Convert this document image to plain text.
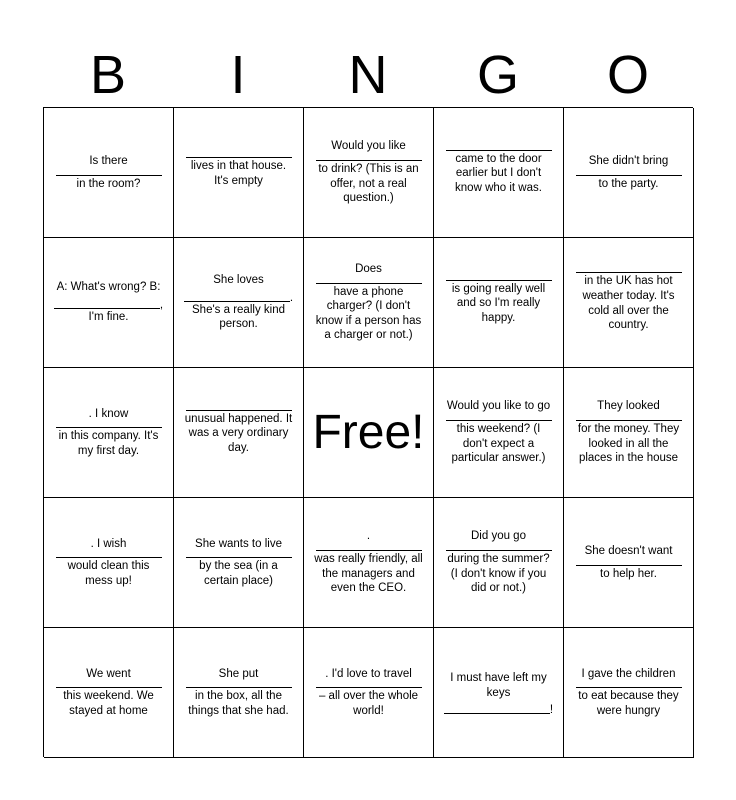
B	I	N	G	O
Is there
in the room?
lives in that house. It's empty
Would you like
to drink? (This is an offer, not a real question.)
came to the door earlier but I don't know who it was.
She didn't bring
to the party.
A: What's wrong? B:
,
I'm fine.
She loves
.
She's a really kind person.
Does
have a phone charger? (I don't know if a person has a charger or not.)
is going really well and so I'm really happy.
in the UK has hot weather today. It's cold all over the country.
. I know
in this company. It's my first day.
unusual happened. It was a very ordinary day.	Free! Would you like to go
this weekend? (I don't expect a particular answer.)
They looked
for the money. They looked in all the places in the house
. I wish
would clean this mess up!
She wants to live
by the sea (in a certain place)
.
was really friendly, all the managers and even the CEO.
Did you go
during the summer? (I don't know if you did or not.)
She doesn't want
to help her.
We went
this weekend. We stayed at home
She put
in the box, all the things that she had.
. I'd love to travel
– all over the whole world!
I must have left my keys
!
I gave the children
to eat because they were hungry
